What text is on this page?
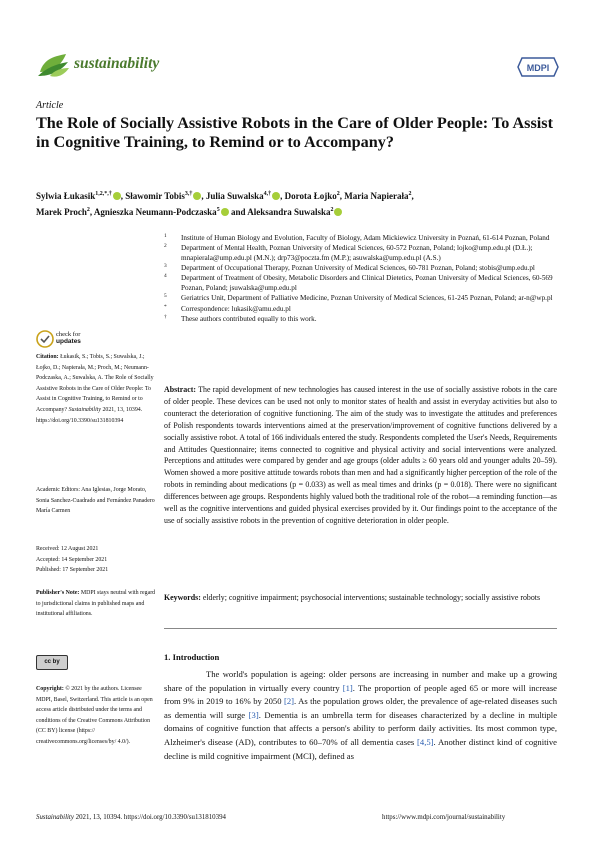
sustainability	MDPI
Article
The Role of Socially Assistive Robots in the Care of Older People: To Assist in Cognitive Training, to Remind or to Accompany?
Sylwia Łukasik$^{1,2,*,\dagger}$ , Sławomir Tobis$^{3,\dagger}$ , Julia Suwalska$^{4,\dagger}$ , Dorota Łojko$^2$, Maria Napierała$^2$,
Marek Proch$^2$, Agnieszka Neumann-Podczaska$^5$ and Aleksandra Suwalska$^2$
1 Institute of Human Biology and Evolution, Faculty of Biology, Adam Mickiewicz University in Poznań, 61-614 Poznan, Poland
2 Department of Mental Health, Poznan University of Medical Sciences, 60-572 Poznan, Poland; lojko@ump.edu.pl (D.Ł.); mnapierala@ump.edu.pl (M.N.); drp73@poczta.fm (M.P.); asuwalska@ump.edu.pl (A.S.)
3 Department of Occupational Therapy, Poznan University of Medical Sciences, 60-781 Poznan, Poland; stobis@ump.edu.pl
4 Department of Treatment of Obesity, Metabolic Disorders and Clinical Dietetics, Poznan University of Medical Sciences, 60-569 Poznan, Poland; jsuwalska@ump.edu.pl
5 Geriatrics Unit, Department of Palliative Medicine, Poznan University of Medical Sciences, 61-245 Poznan, Poland; ar-n@wp.pl
* Correspondence: lukasik@amu.edu.pl
† These authors contributed equally to this work.
check for
updates
Citation: Łukasik, S.; Tobis, S.; Suwalska, J.; Łojko, D.; Napierała, M.; Proch, M.; Neumann-Podczaska, A.; Suwalska, A. The Role of Socially Assistive Robots in the Care of Older People: To Assist in Cognitive Training, to Remind or to Accompany? Sustainability 2021, 13, 10394. https://doi.org/10.3390/su131810394
Academic Editors: Ana Iglesias, Jorge Morato, Sonia Sanchez-Cuadrado and Fernández Panadero María Carmen
Received: 12 August 2021
Accepted: 14 September 2021
Published: 17 September 2021
Publisher's Note: MDPI stays neutral with regard to jurisdictional claims in published maps and institutional affiliations.
cc by
Copyright: © 2021 by the authors. Licensee MDPI, Basel, Switzerland. This article is an open access article distributed under the terms and conditions of the Creative Commons Attribution (CC BY) license (https:// creativecommons.org/licenses/by/ 4.0/).
Abstract: The rapid development of new technologies has caused interest in the use of socially assistive robots in the care of older people. These devices can be used not only to monitor states of health and assist in everyday activities but also to counteract the deterioration of cognitive functioning. The aim of the study was to investigate the attitudes and preferences of Polish respondents towards interventions aimed at the preservation/improvement of cognitive functions delivered by a socially assistive robot. A total of 166 individuals entered the study. Respondents completed the User's Needs, Requirements and Attitudes Questionnaire; items connected to cognitive and physical activity and social interventions were analyzed. Perceptions and attitudes were compared by gender and age groups (older adults ≥ 60 years old and younger adults 20–59). Women showed a more positive attitude towards robots than men and had a significantly higher perception of the role of the robots in reminding about medications (p = 0.033) as well as meal times and drinks (p = 0.018). There were no significant differences between age groups. Respondents highly valued both the traditional role of the robot—a reminding function—as well as the cognitive interventions and guided physical exercises provided by it. Our findings point to the acceptance of the use of socially assistive robots in the prevention of cognitive deterioration in older people.
Keywords: elderly; cognitive impairment; psychosocial interventions; sustainable technology; socially assistive robots
1. Introduction
The world's population is ageing: older persons are increasing in number and make up a growing share of the population in virtually every country [1]. The proportion of people aged 65 or more will increase from 9% in 2019 to 16% by 2050 [2]. As the population grows older, the prevalence of age-related diseases such as dementia will surge [3]. Dementia is an umbrella term for diseases characterized by a decline in multiple domains of cognitive function that affects a person's ability to perform daily activities. Its most common type, Alzheimer's disease (AD), contributes to 60–70% of all dementia cases [4,5]. Another distinct kind of cognitive decline is mild cognitive impairment (MCI), defined as
Sustainability 2021, 13, 10394. https://doi.org/10.3390/su131810394	https://www.mdpi.com/journal/sustainability
